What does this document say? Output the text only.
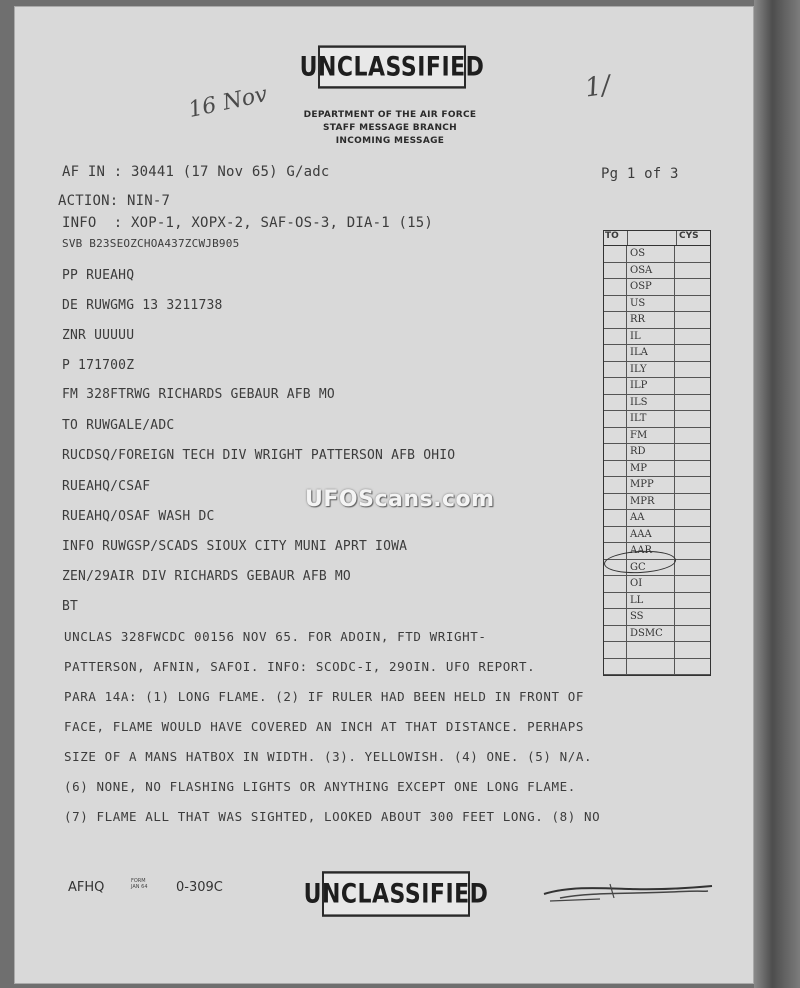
UNCLASSIFIED
16 Nov	1/
DEPARTMENT OF THE AIR FORCE
STAFF MESSAGE BRANCH
INCOMING MESSAGE
AF IN : 30441 (17 Nov 65) G/adc	Pg 1 of 3
ACTION: NIN-7
INFO  : XOP-1, XOPX-2, SAF-OS-3, DIA-1 (15)
SVB B23SEOZCHOA437ZCWJB905
PP RUEAHQ
DE RUWGMG 13 3211738
ZNR UUUUU
P 171700Z
FM 328FTRWG RICHARDS GEBAUR AFB MO
TO RUWGALE/ADC
RUCDSQ/FOREIGN TECH DIV WRIGHT PATTERSON AFB OHIO
RUEAHQ/CSAF
RUEAHQ/OSAF WASH DC
INFO RUWGSP/SCADS SIOUX CITY MUNI APRT IOWA
ZEN/29AIR DIV RICHARDS GEBAUR AFB MO
BT
UNCLAS 328FWCDC 00156 NOV 65. FOR ADOIN, FTD WRIGHT-
PATTERSON, AFNIN, SAFOI. INFO: SCODC-I, 29OIN. UFO REPORT.
PARA 14A: (1) LONG FLAME. (2) IF RULER HAD BEEN HELD IN FRONT OF
FACE, FLAME WOULD HAVE COVERED AN INCH AT THAT DISTANCE. PERHAPS
SIZE OF A MANS HATBOX IN WIDTH. (3). YELLOWISH. (4) ONE. (5) N/A.
(6) NONE, NO FLASHING LIGHTS OR ANYTHING EXCEPT ONE LONG FLAME.
(7) FLAME ALL THAT WAS SIGHTED, LOOKED ABOUT 300 FEET LONG. (8) NO
UFOScans.com
TO	CYS
OS
OSA
OSP
US
RR
IL
ILA
ILY
ILP
ILS
ILT
FM
RD
MP
MPP
MPR
AA
AAA
AAR
GC
OI
LL
SS
DSMC
AFHQ	FORM
JAN 64 0-309C	UNCLASSIFIED
